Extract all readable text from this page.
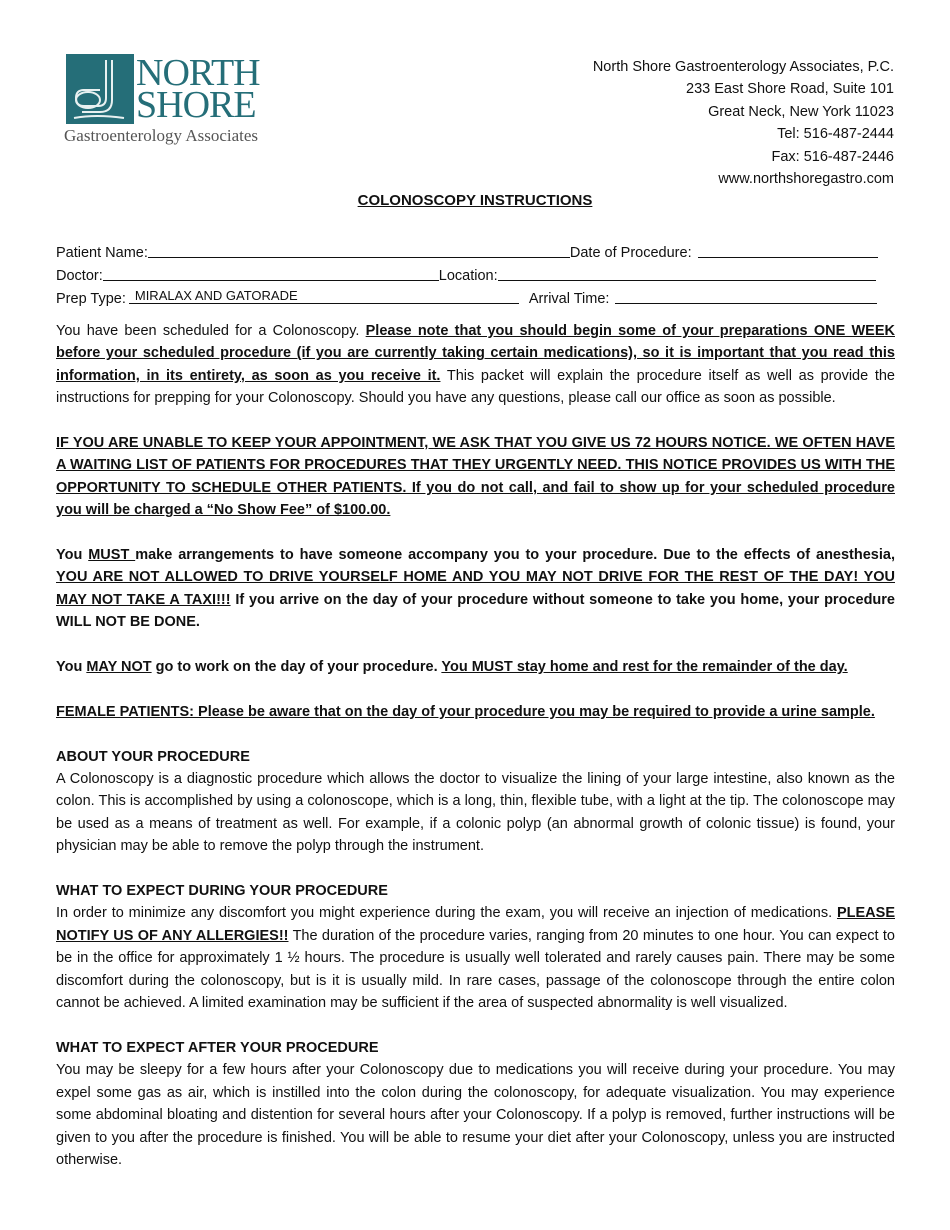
NORTH
SHORE
Gastroenterology Associates
North Shore Gastroenterology Associates, P.C.
233 East Shore Road, Suite 101
Great Neck, New York 11023
Tel: 516-487-2444
Fax: 516-487-2446
www.northshoregastro.com
COLONOSCOPY INSTRUCTIONS
Patient Name:	Date of Procedure:
Doctor:	Location:
Prep Type: MIRALAX AND GATORADE	Arrival Time:

You have been scheduled for a Colonoscopy. Please note that you should begin some of your preparations ONE WEEK before your scheduled procedure (if you are currently taking certain medications), so it is important that you read this information, in its entirety, as soon as you receive it. This packet will explain the procedure itself as well as provide the instructions for prepping for your Colonoscopy. Should you have any questions, please call our office as soon as possible.

IF YOU ARE UNABLE TO KEEP YOUR APPOINTMENT, WE ASK THAT YOU GIVE US 72 HOURS NOTICE. WE OFTEN HAVE A WAITING LIST OF PATIENTS FOR PROCEDURES THAT THEY URGENTLY NEED. THIS NOTICE PROVIDES US WITH THE OPPORTUNITY TO SCHEDULE OTHER PATIENTS. If you do not call, and fail to show up for your scheduled procedure you will be charged a “No Show Fee” of $100.00.

You MUST make arrangements to have someone accompany you to your procedure. Due to the effects of anesthesia, YOU ARE NOT ALLOWED TO DRIVE YOURSELF HOME AND YOU MAY NOT DRIVE FOR THE REST OF THE DAY! YOU MAY NOT TAKE A TAXI!!! If you arrive on the day of your procedure without someone to take you home, your procedure WILL NOT BE DONE.

You MAY NOT go to work on the day of your procedure. You MUST stay home and rest for the remainder of the day.

FEMALE PATIENTS: Please be aware that on the day of your procedure you may be required to provide a urine sample.

ABOUT YOUR PROCEDURE
A Colonoscopy is a diagnostic procedure which allows the doctor to visualize the lining of your large intestine, also known as the colon. This is accomplished by using a colonoscope, which is a long, thin, flexible tube, with a light at the tip. The colonoscope may be used as a means of treatment as well. For example, if a colonic polyp (an abnormal growth of colonic tissue) is found, your physician may be able to remove the polyp through the instrument.

WHAT TO EXPECT DURING YOUR PROCEDURE
In order to minimize any discomfort you might experience during the exam, you will receive an injection of medications. PLEASE NOTIFY US OF ANY ALLERGIES!! The duration of the procedure varies, ranging from 20 minutes to one hour. You can expect to be in the office for approximately 1 ½ hours. The procedure is usually well tolerated and rarely causes pain. There may be some discomfort during the colonoscopy, but is it is usually mild. In rare cases, passage of the colonoscope through the entire colon cannot be achieved. A limited examination may be sufficient if the area of suspected abnormality is well visualized.

WHAT TO EXPECT AFTER YOUR PROCEDURE
You may be sleepy for a few hours after your Colonoscopy due to medications you will receive during your procedure. You may expel some gas as air, which is instilled into the colon during the colonoscopy, for adequate visualization. You may experience some abdominal bloating and distention for several hours after your Colonoscopy. If a polyp is removed, further instructions will be given to you after the procedure is finished. You will be able to resume your diet after your Colonoscopy, unless you are instructed otherwise.
